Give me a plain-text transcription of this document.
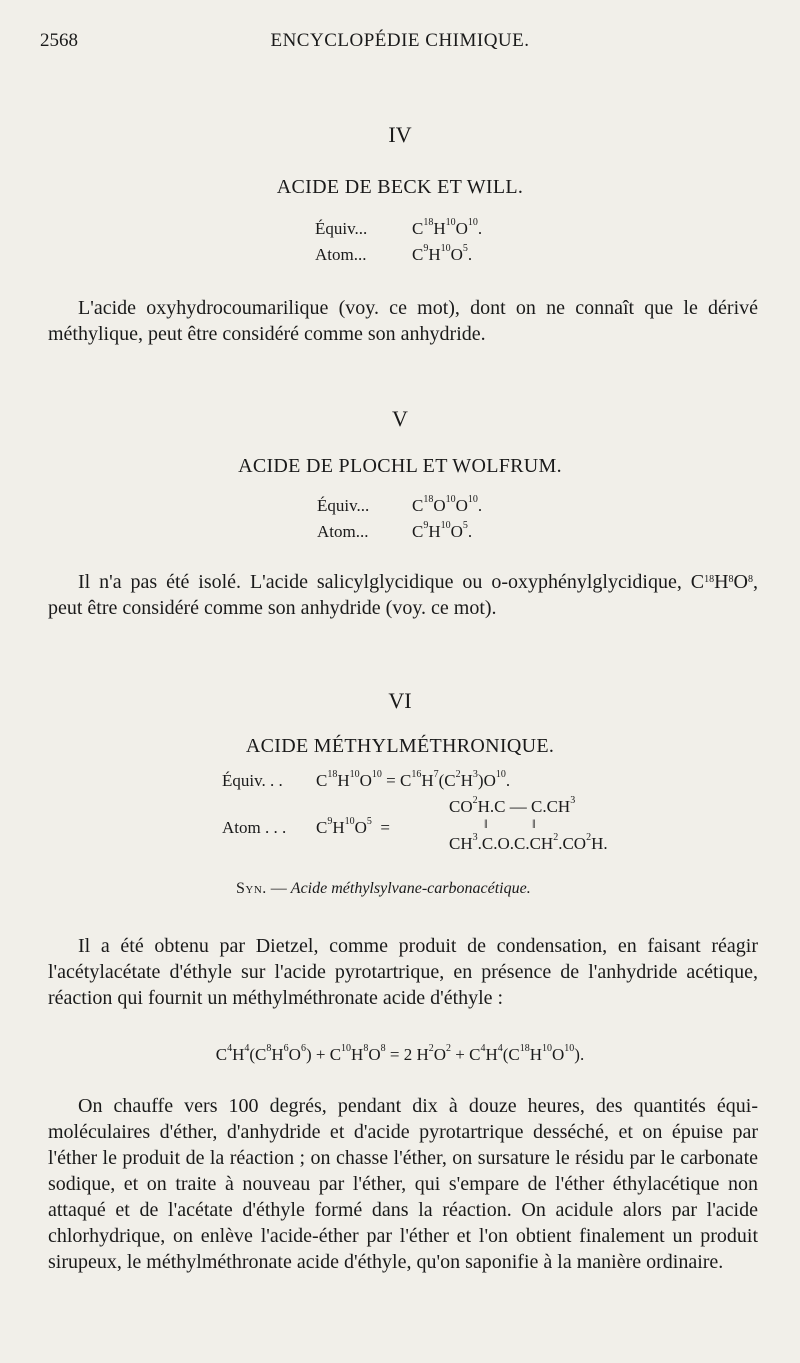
2568	ENCYCLOPÉDIE CHIMIQUE.
IV
ACIDE DE BECK ET WILL.
Équiv...	$C^{18}H^{10}O^{10}$.
Atom...	$C^9H^{10}O^5$.

L'acide oxyhydrocoumarilique (voy. ce mot), dont on ne connaît que le dérivé méthylique, peut être considéré comme son anhydride.

V
ACIDE DE PLOCHL ET WOLFRUM.
Équiv...	$C^{18}O^{10}O^{10}$.
Atom...	$C^9H^{10}O^5$.

Il n'a pas été isolé. L'acide salicylglycidique ou o-oxyphénylglycidique, $C^{18}H^8O^8$, peut être considéré comme son anhydride (voy. ce mot).

VI
ACIDE MÉTHYLMÉTHRONIQUE.
Équiv. . . $C^{18}H^{10}O^{10} = C^{16}H^7(C^2H^3)O^{10}$.
$CO^2H.C$ — $C.CH^3$
Atom . . . $C^9H^{10}O^5$  =	‖	‖
$CH^3.C.O.C.CH^2.CO^2H$.
Syn. — Acide méthylsylvane-carbonacétique.

Il a été obtenu par Dietzel, comme produit de condensation, en faisant réagir l'acétylacétate d'éthyle sur l'acide pyrotartrique, en présence de l'anhydride acétique, réaction qui fournit un méthylméthronate acide d'éthyle :

$C^4H^4(C^8H^6O^6) + C^{10}H^8O^8 = 2$ $H^2O^2 + C^4H^4(C^{18}H^{10}O^{10})$.

On chauffe vers 100 degrés, pendant dix à douze heures, des quantités équimoléculaires d'éther, d'anhydride et d'acide pyrotartrique desséché, et on épuise par l'éther le produit de la réaction ; on chasse l'éther, on sursature le résidu par le carbonate sodique, et on traite à nouveau par l'éther, qui s'empare de l'éther éthylacétique non attaqué et de l'acétate d'éthyle formé dans la réaction. On acidule alors par l'acide chlorhydrique, on enlève l'acide-éther par l'éther et l'on obtient finalement un produit sirupeux, le méthylméthronate acide d'éthyle, qu'on saponifie à la manière ordinaire.
